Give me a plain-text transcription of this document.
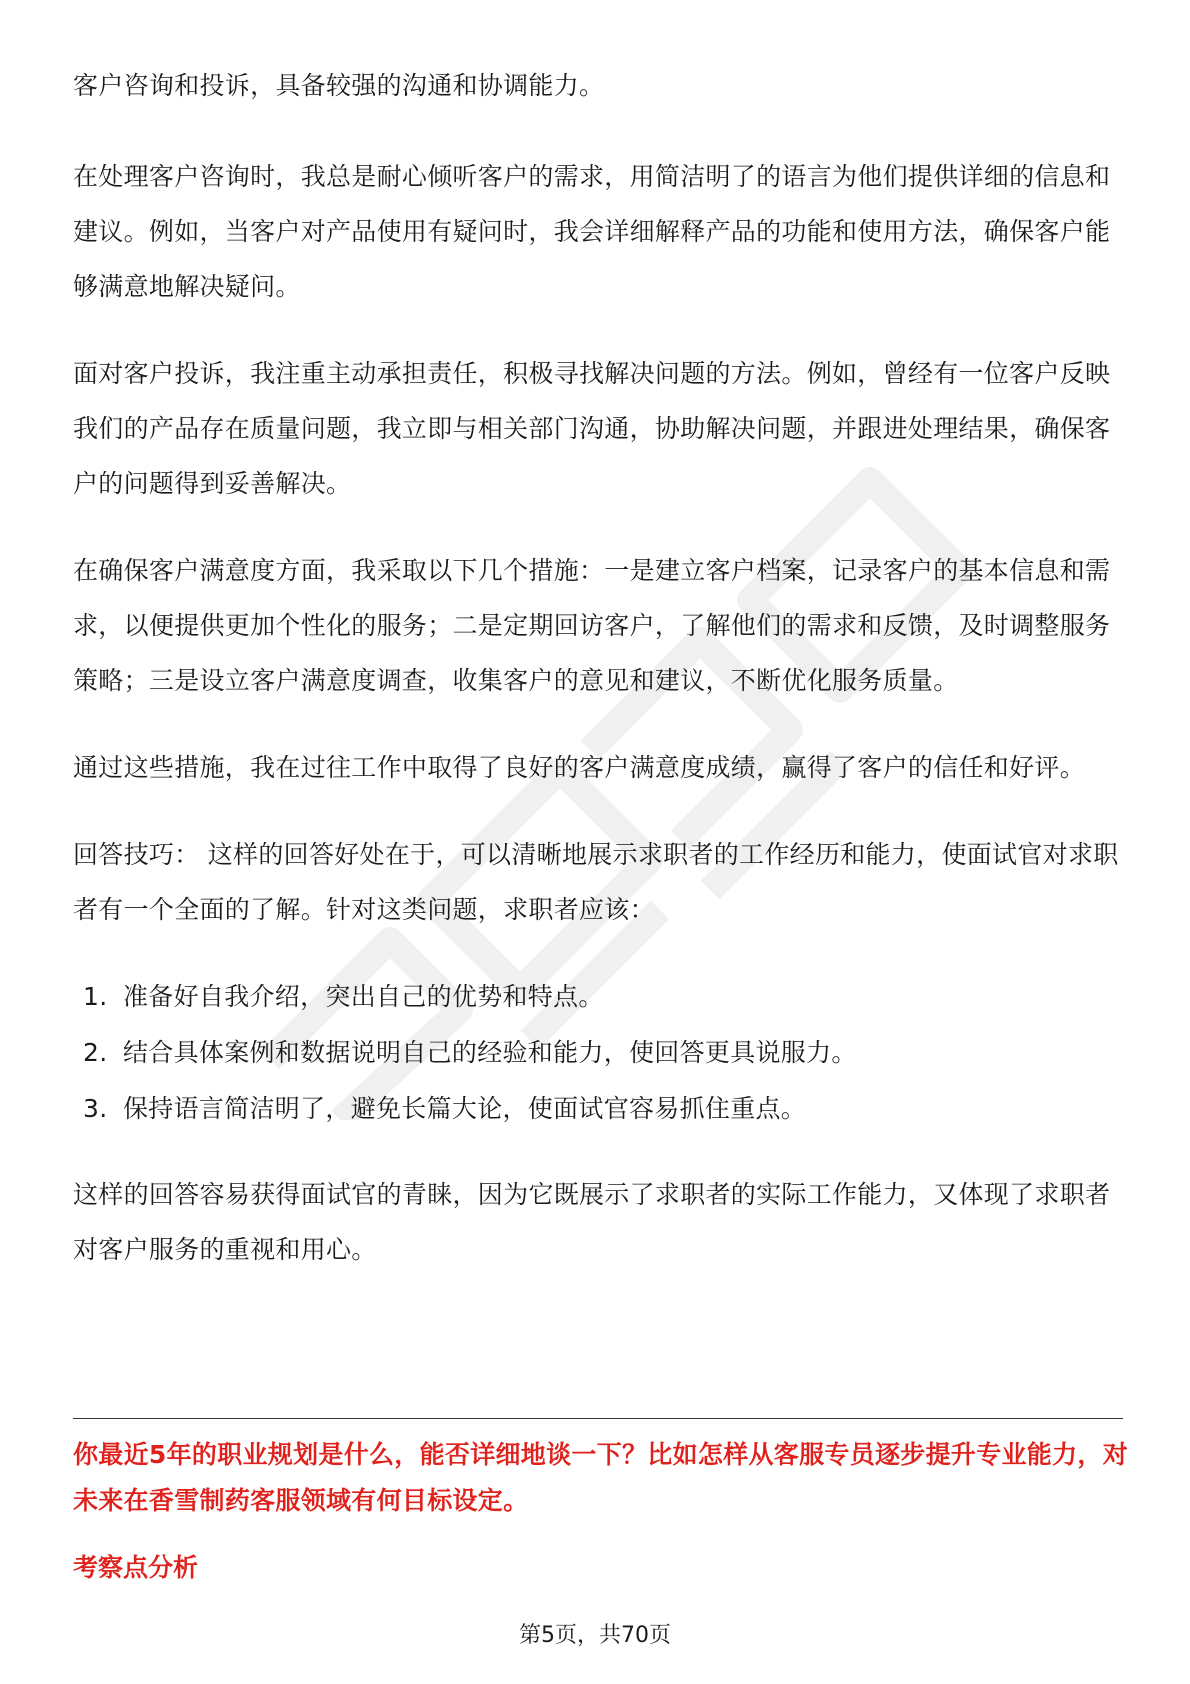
客户咨询和投诉，具备较强的沟通和协调能力。

在处理客户咨询时，我总是耐心倾听客户的需求，用简洁明了的语言为他们提供详细的信息和建议。例如，当客户对产品使用有疑问时，我会详细解释产品的功能和使用方法，确保客户能够满意地解决疑问。

面对客户投诉，我注重主动承担责任，积极寻找解决问题的方法。例如，曾经有一位客户反映我们的产品存在质量问题，我立即与相关部门沟通，协助解决问题，并跟进处理结果，确保客户的问题得到妥善解决。

在确保客户满意度方面，我采取以下几个措施：一是建立客户档案，记录客户的基本信息和需求，以便提供更加个性化的服务；二是定期回访客户，了解他们的需求和反馈，及时调整服务策略；三是设立客户满意度调查，收集客户的意见和建议，不断优化服务质量。

通过这些措施，我在过往工作中取得了良好的客户满意度成绩，赢得了客户的信任和好评。

回答技巧： 这样的回答好处在于，可以清晰地展示求职者的工作经历和能力，使面试官对求职者有一个全面的了解。针对这类问题，求职者应该：

1. 准备好自我介绍，突出自己的优势和特点。
2. 结合具体案例和数据说明自己的经验和能力，使回答更具说服力。
3. 保持语言简洁明了，避免长篇大论，使面试官容易抓住重点。

这样的回答容易获得面试官的青睐，因为它既展示了求职者的实际工作能力，又体现了求职者对客户服务的重视和用心。

你最近5年的职业规划是什么，能否详细地谈一下？比如怎样从客服专员逐步提升专业能力，对未来在香雪制药客服领域有何目标设定。

考察点分析

第5页，共70页
